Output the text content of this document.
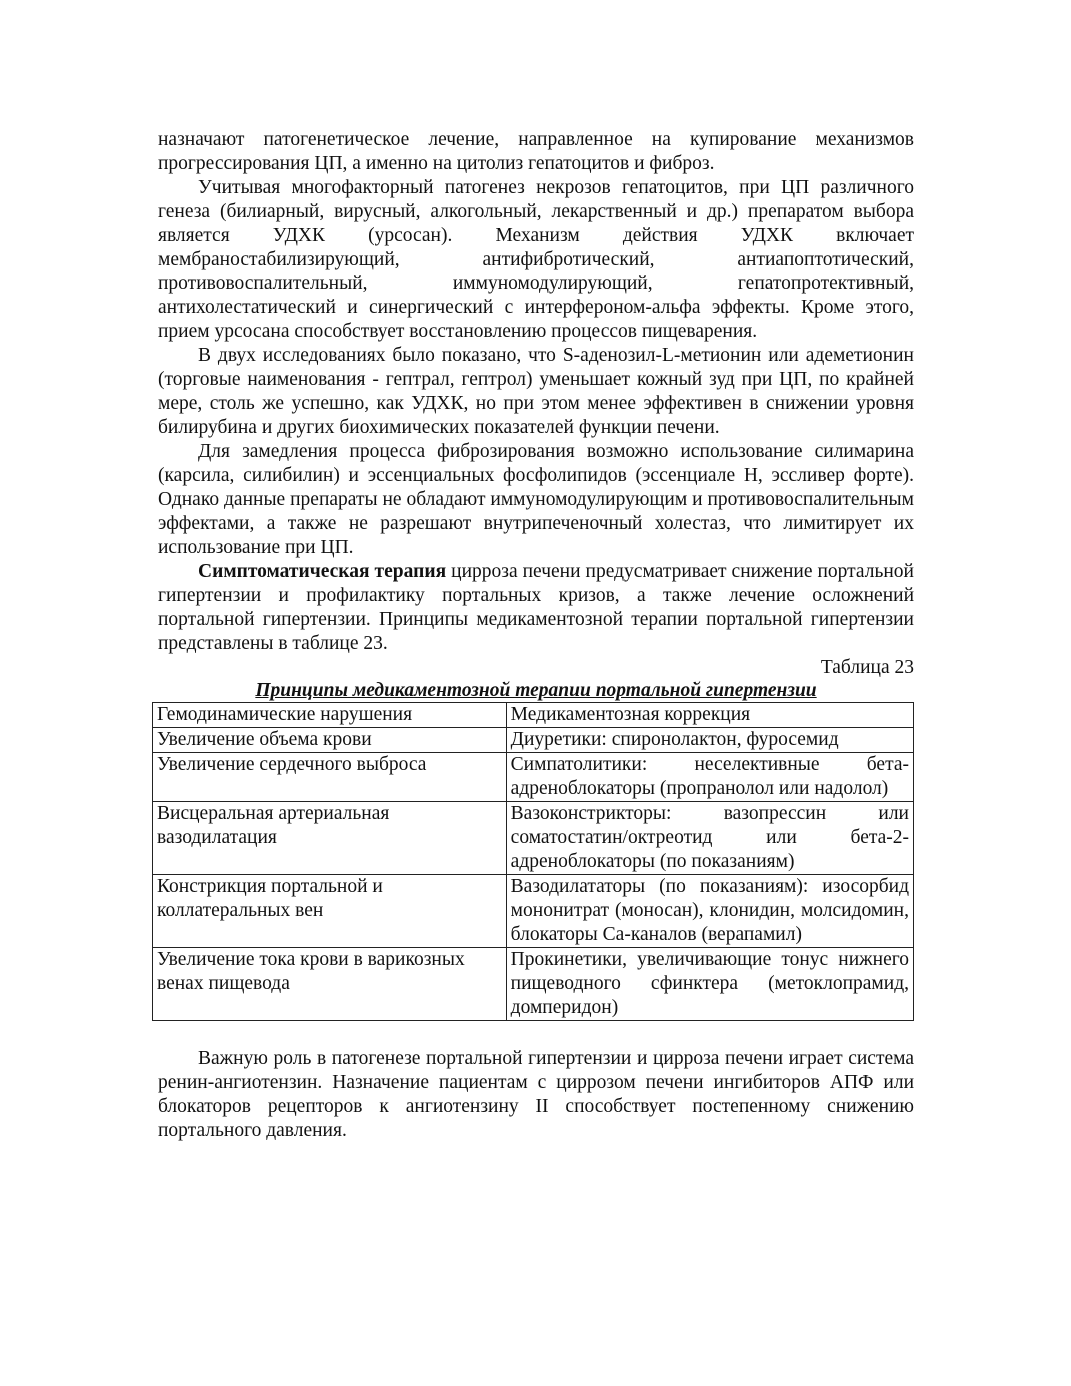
назначают патогенетическое лечение, направленное на купирование механизмов прогрессирования ЦП, а именно на цитолиз гепатоцитов и фиброз.

Учитывая многофакторный патогенез некрозов гепатоцитов, при ЦП различного генеза (билиарный, вирусный, алкогольный, лекарственный и др.) препаратом выбора является УДХК (урсосан). Механизм действия УДХК включает мембраностабилизирующий, антифибротический, антиапоптотический, противовоспалительный, иммуномодулирующий, гепатопротективный, антихолестатический и синергический с интерфероном-альфа эффекты. Кроме этого, прием урсосана способствует восстановлению процессов пищеварения.

В двух исследованиях было показано, что S-аденозил-L-метионин или адеметионин (торговые наименования - гептрал, гептрол) уменьшает кожный зуд при ЦП, по крайней мере, столь же успешно, как УДХК, но при этом менее эффективен в снижении уровня билирубина и других биохимических показателей функции печени.

Для замедления процесса фиброзирования возможно использование силимарина (карсила, силибилин) и эссенциальных фосфолипидов (эссенциале Н, эссливер форте). Однако данные препараты не обладают иммуномодулирующим и противовоспалительным эффектами, а также не разрешают внутрипеченочный холестаз, что лимитирует их использование при ЦП.

Симптоматическая терапия цирроза печени предусматривает снижение портальной гипертензии и профилактику портальных кризов, а также лечение осложнений портальной гипертензии. Принципы медикаментозной терапии портальной гипертензии представлены в таблице 23.

Таблица 23
Принципы медикаментозной терапии портальной гипертензии
Гемодинамические нарушения	Медикаментозная коррекция
Увеличение объема крови	Диуретики: спиронолактон, фуросемид
Увеличение сердечного выброса	Симпатолитики: неселективные бета-адреноблокаторы (пропранолол или надолол)
Висцеральная артериальная вазодилатация	Вазоконстрикторы: вазопрессин или соматостатин/октреотид или бета-2-адреноблокаторы (по показаниям)
Констрикция портальной и коллатеральных вен	Вазодилататоры (по показаниям): изосорбид мононитрат (моносан), клонидин, молсидомин, блокаторы Са-каналов (верапамил)
Увеличение тока крови в варикозных венах пищевода	Прокинетики, увеличивающие тонус нижнего пищеводного сфинктера (метоклопрамид, домперидон)

Важную роль в патогенезе портальной гипертензии и цирроза печени играет система ренин-ангиотензин. Назначение пациентам с циррозом печени ингибиторов АПФ или блокаторов рецепторов к ангиотензину II способствует постепенному снижению портального давления.
